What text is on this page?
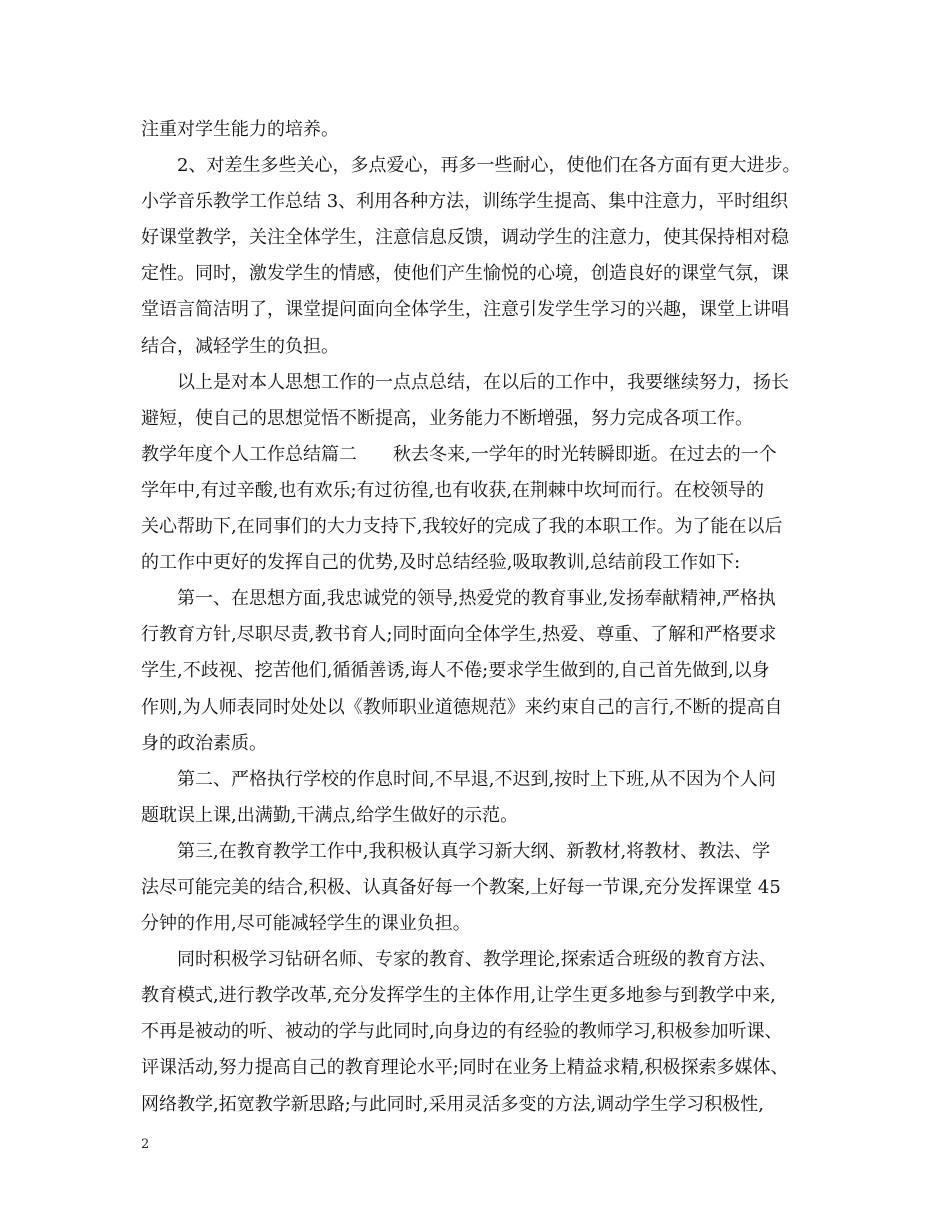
注重对学生能力的培养。
2、对差生多些关心，多点爱心，再多一些耐心，使他们在各方面有更大进步。
小学音乐教学工作总结 3、利用各种方法，训练学生提高、集中注意力，平时组织
好课堂教学，关注全体学生，注意信息反馈，调动学生的注意力，使其保持相对稳
定性。同时，激发学生的情感，使他们产生愉悦的心境，创造良好的课堂气氛，课
堂语言简洁明了，课堂提问面向全体学生，注意引发学生学习的兴趣，课堂上讲唱
结合，减轻学生的负担。
以上是对本人思想工作的一点点总结，在以后的工作中，我要继续努力，扬长
避短，使自己的思想觉悟不断提高，业务能力不断增强，努力完成各项工作。
教学年度个人工作总结篇二　　秋去冬来,一学年的时光转瞬即逝。在过去的一个
学年中,有过辛酸,也有欢乐;有过彷徨,也有收获,在荆棘中坎坷而行。在校领导的
关心帮助下,在同事们的大力支持下,我较好的完成了我的本职工作。为了能在以后
的工作中更好的发挥自己的优势,及时总结经验,吸取教训,总结前段工作如下:
第一、在思想方面,我忠诚党的领导,热爱党的教育事业,发扬奉献精神,严格执
行教育方针,尽职尽责,教书育人;同时面向全体学生,热爱、尊重、了解和严格要求
学生,不歧视、挖苦他们,循循善诱,诲人不倦;要求学生做到的,自己首先做到,以身
作则,为人师表同时处处以《教师职业道德规范》来约束自己的言行,不断的提高自
身的政治素质。
第二、严格执行学校的作息时间,不早退,不迟到,按时上下班,从不因为个人问
题耽误上课,出满勤,干满点,给学生做好的示范。
第三,在教育教学工作中,我积极认真学习新大纲、新教材,将教材、教法、学
法尽可能完美的结合,积极、认真备好每一个教案,上好每一节课,充分发挥课堂 45
分钟的作用,尽可能减轻学生的课业负担。
同时积极学习钻研名师、专家的教育、教学理论,探索适合班级的教育方法、
教育模式,进行教学改革,充分发挥学生的主体作用,让学生更多地参与到教学中来,
不再是被动的听、被动的学与此同时,向身边的有经验的教师学习,积极参加听课、
评课活动,努力提高自己的教育理论水平;同时在业务上精益求精,积极探索多媒体、
网络教学,拓宽教学新思路;与此同时,采用灵活多变的方法,调动学生学习积极性,
2
